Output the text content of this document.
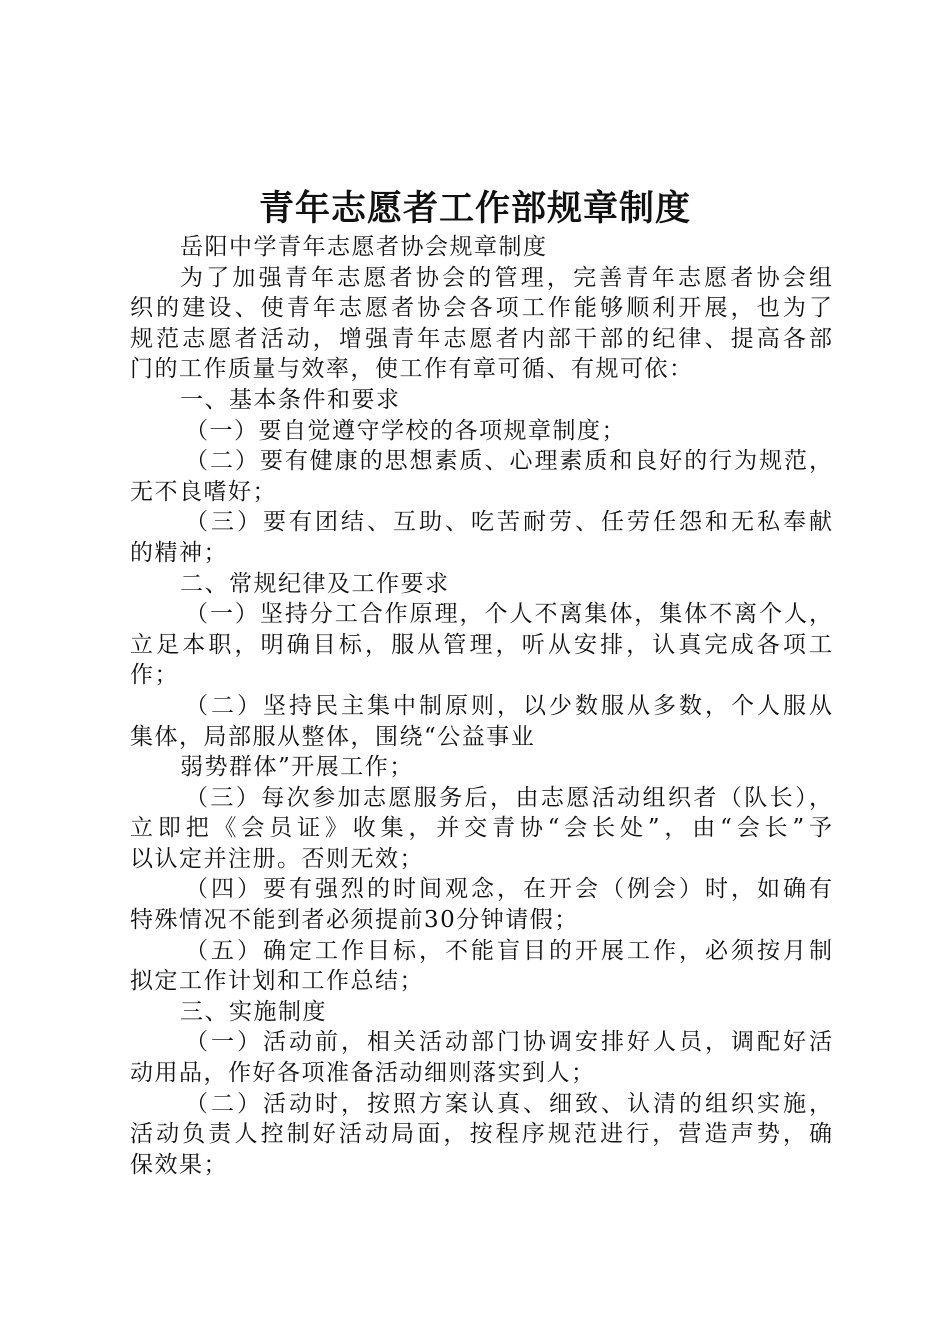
青年志愿者工作部规章制度
岳阳中学青年志愿者协会规章制度
为了加强青年志愿者协会的管理，完善青年志愿者协会组
织的建设、使青年志愿者协会各项工作能够顺利开展，也为了
规范志愿者活动，增强青年志愿者内部干部的纪律、提高各部
门的工作质量与效率，使工作有章可循、有规可依：
一、基本条件和要求
（一）要自觉遵守学校的各项规章制度；
（二）要有健康的思想素质、心理素质和良好的行为规范，
无不良嗜好；
（三）要有团结、互助、吃苦耐劳、任劳任怨和无私奉献
的精神；
二、常规纪律及工作要求
（一）坚持分工合作原理，个人不离集体，集体不离个人，
立足本职，明确目标，服从管理，听从安排，认真完成各项工
作；
（二）坚持民主集中制原则，以少数服从多数，个人服从
集体，局部服从整体，围绕“公益事业
弱势群体”开展工作；
（三）每次参加志愿服务后，由志愿活动组织者（队长），
立即把《会员证》收集，并交青协“会长处”，由“会长”予
以认定并注册。否则无效；
（四）要有强烈的时间观念，在开会（例会）时，如确有
特殊情况不能到者必须提前30分钟请假；
（五）确定工作目标，不能盲目的开展工作，必须按月制
拟定工作计划和工作总结；
三、实施制度
（一）活动前，相关活动部门协调安排好人员，调配好活
动用品，作好各项准备活动细则落实到人；
（二）活动时，按照方案认真、细致、认清的组织实施，
活动负责人控制好活动局面，按程序规范进行，营造声势，确
保效果；
